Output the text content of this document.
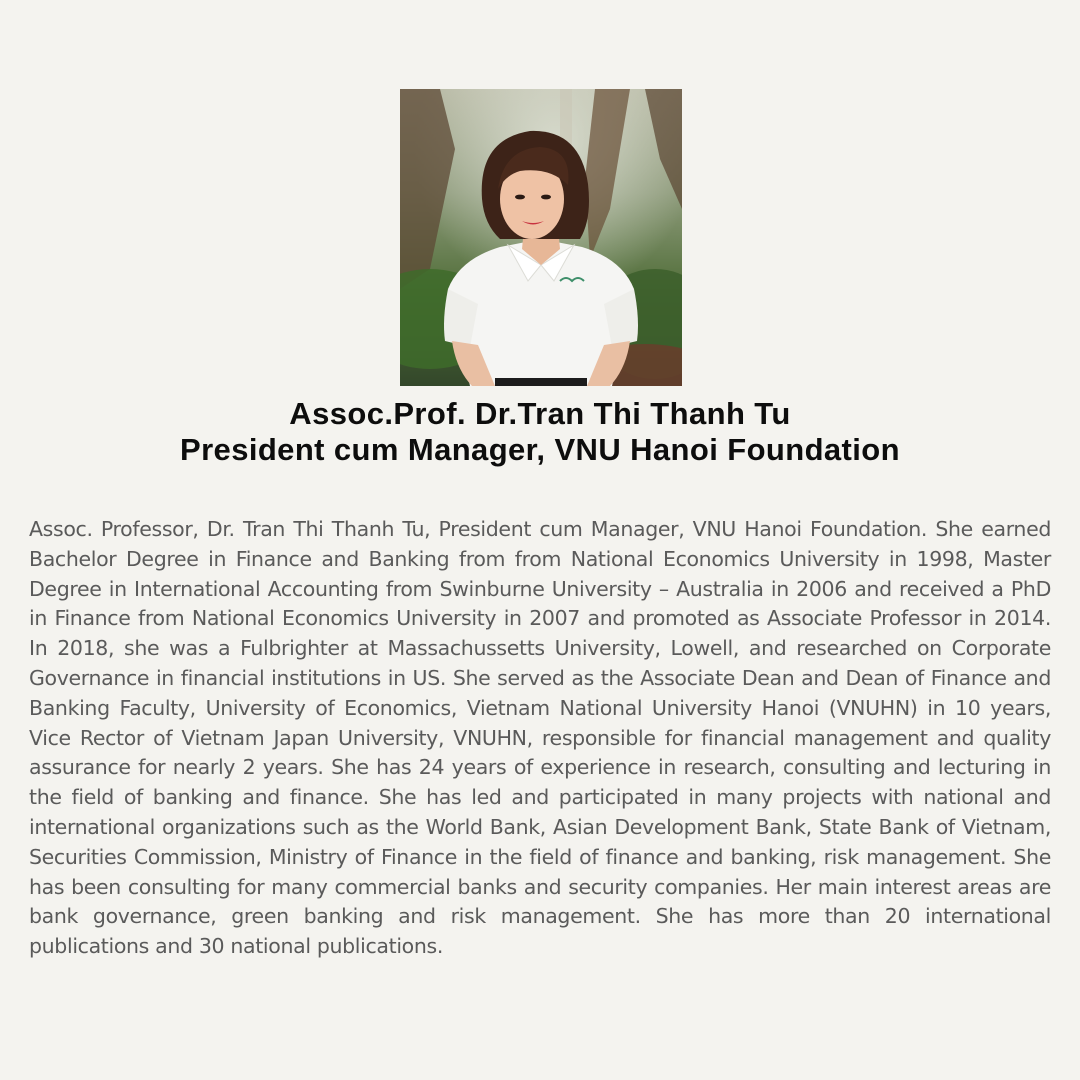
Assoc.Prof. Dr.Tran Thi Thanh Tu
President cum Manager, VNU Hanoi Foundation

Assoc. Professor, Dr. Tran Thi Thanh Tu, President cum Manager, VNU Hanoi Foundation. She earned Bachelor Degree in Finance and Banking from from National Economics University in 1998, Master Degree in International Accounting from Swinburne University – Australia in 2006 and received a PhD in Finance from National Economics University in 2007 and promoted as Associate Professor in 2014. In 2018, she was a Fulbrighter at Massachussetts University, Lowell, and researched on Corporate Governance in financial institutions in US. She served as the Associate Dean and Dean of Finance and Banking Faculty, University of Economics, Vietnam National University Hanoi (VNUHN) in 10 years, Vice Rector of Vietnam Japan University, VNUHN, responsible for financial management and quality assurance for nearly 2 years. She has 24 years of experience in research, consulting and lecturing in the field of banking and finance. She has led and participated in many projects with national and international organizations such as the World Bank, Asian Development Bank, State Bank of Vietnam, Securities Commission, Ministry of Finance in the field of finance and banking, risk management. She has been consulting for many commercial banks and security companies. Her main interest areas are bank governance, green banking and risk management. She has more than 20 international publications and 30 national publications.
